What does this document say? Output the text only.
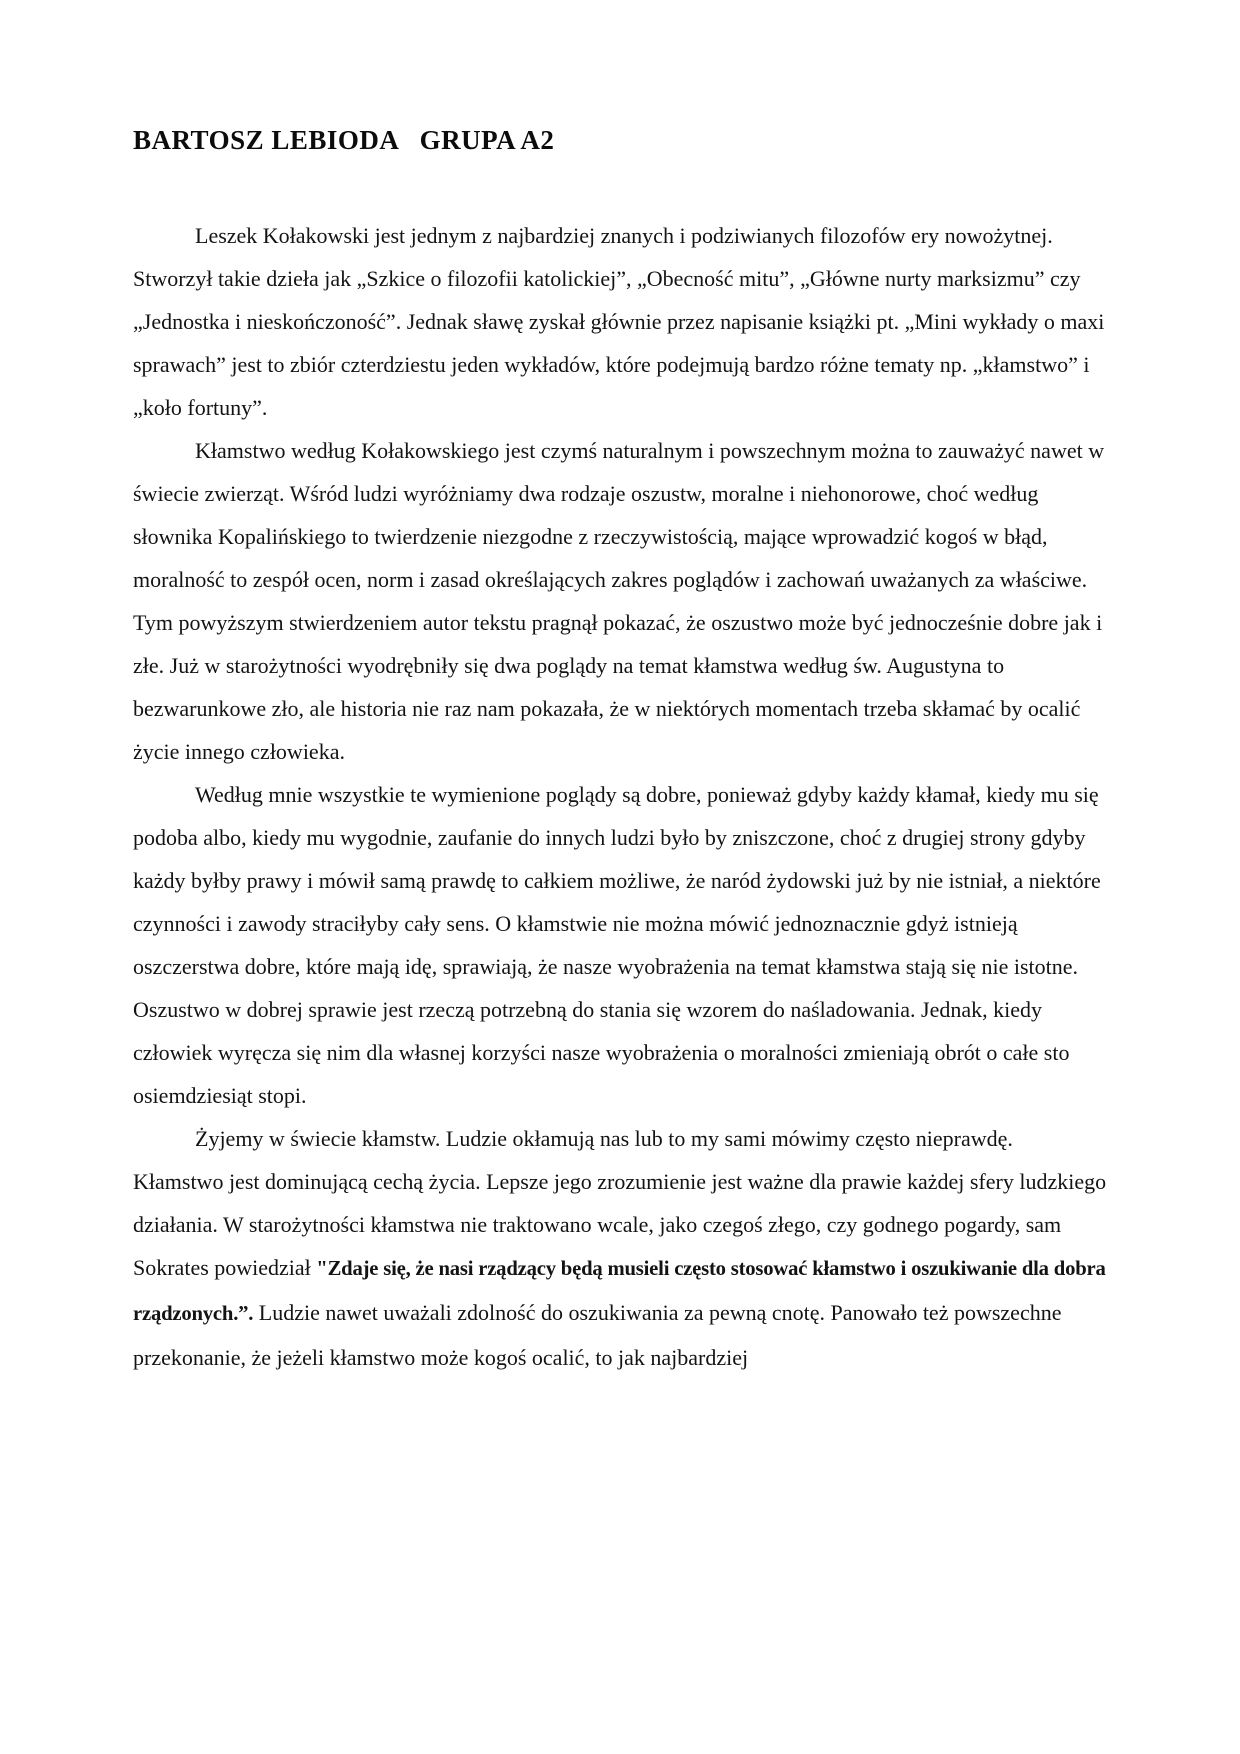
BARTOSZ LEBIODA   GRUPA A2

Leszek Kołakowski jest jednym z najbardziej znanych i podziwianych filozofów ery nowożytnej. Stworzył takie dzieła jak „Szkice o filozofii katolickiej”, „Obecność mitu”, „Główne nurty marksizmu” czy „Jednostka i nieskończoność”. Jednak sławę zyskał głównie przez napisanie książki pt. „Mini wykłady o maxi sprawach” jest to zbiór czterdziestu jeden wykładów, które podejmują bardzo różne tematy np. „kłamstwo” i „koło fortuny”.

Kłamstwo według Kołakowskiego jest czymś naturalnym i powszechnym można to zauważyć nawet w świecie zwierząt. Wśród ludzi wyróżniamy dwa rodzaje oszustw, moralne i niehonorowe, choć według słownika Kopalińskiego to twierdzenie niezgodne z rzeczywistością, mające wprowadzić kogoś w błąd, moralność to zespół ocen, norm i zasad określających zakres poglądów i zachowań uważanych za właściwe. Tym powyższym stwierdzeniem autor tekstu pragnął pokazać, że oszustwo może być jednocześnie dobre jak i złe. Już w starożytności wyodrębniły się dwa poglądy na temat kłamstwa według św. Augustyna to bezwarunkowe zło, ale historia nie raz nam pokazała, że w niektórych momentach trzeba skłamać by ocalić życie innego człowieka.

Według mnie wszystkie te wymienione poglądy są dobre, ponieważ gdyby każdy kłamał, kiedy mu się podoba albo, kiedy mu wygodnie, zaufanie do innych ludzi było by zniszczone, choć z drugiej strony gdyby każdy byłby prawy i mówił samą prawdę to całkiem możliwe, że naród żydowski już by nie istniał, a niektóre czynności i zawody straciłyby cały sens. O kłamstwie nie można mówić jednoznacznie gdyż istnieją oszczerstwa dobre, które mają idę, sprawiają, że nasze wyobrażenia na temat kłamstwa stają się nie istotne. Oszustwo w dobrej sprawie jest rzeczą potrzebną do stania się wzorem do naśladowania. Jednak, kiedy człowiek wyręcza się nim dla własnej korzyści nasze wyobrażenia o moralności zmieniają obrót o całe sto osiemdziesiąt stopi.

Żyjemy w świecie kłamstw. Ludzie okłamują nas lub to my sami mówimy często nieprawdę. Kłamstwo jest dominującą cechą życia. Lepsze jego zrozumienie jest ważne dla prawie każdej sfery ludzkiego działania. W starożytności kłamstwa nie traktowano wcale, jako czegoś złego, czy godnego pogardy, sam Sokrates powiedział "Zdaje się, że nasi rządzący będą musieli często stosować kłamstwo i oszukiwanie dla dobra rządzonych.”. Ludzie nawet uważali zdolność do oszukiwania za pewną cnotę. Panowało też powszechne przekonanie, że jeżeli kłamstwo może kogoś ocalić, to jak najbardziej
